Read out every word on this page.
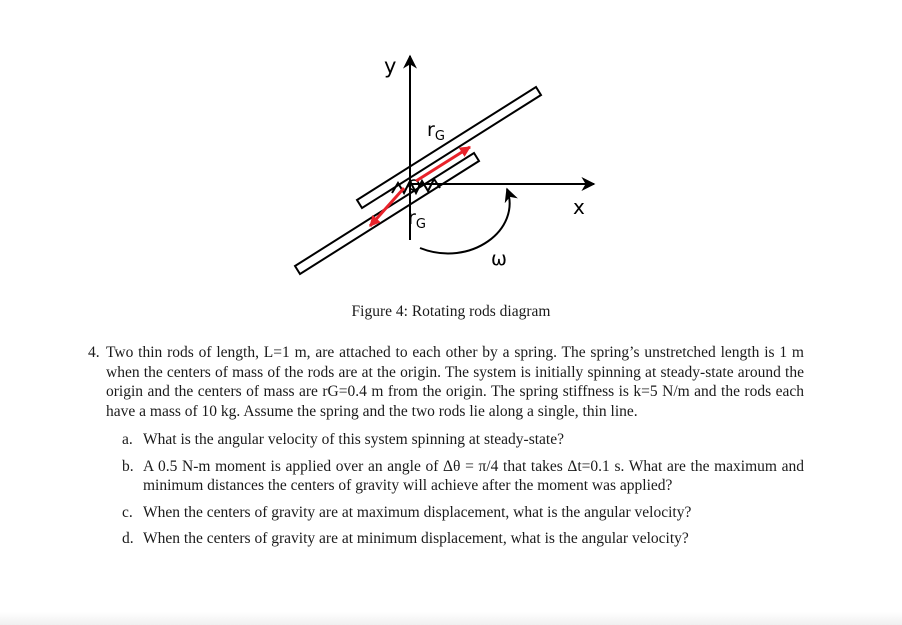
y
x
$r_G$
$r_G$
ω
Figure 4: Rotating rods diagram
4. Two thin rods of length, L=1 m, are attached to each other by a spring. The spring’s unstretched length is 1 m when the centers of mass of the rods are at the origin. The system is initially spinning at steady-state around the origin and the centers of mass are rG=0.4 m from the origin. The spring stiffness is k=5 N/m and the rods each have a mass of 10 kg. Assume the spring and the two rods lie along a single, thin line.
a. What is the angular velocity of this system spinning at steady-state?
b. A 0.5 N-m moment is applied over an angle of Δθ = π/4 that takes Δt=0.1 s. What are the maximum and minimum distances the centers of gravity will achieve after the moment was applied?
c. When the centers of gravity are at maximum displacement, what is the angular velocity?
d. When the centers of gravity are at minimum displacement, what is the angular velocity?
